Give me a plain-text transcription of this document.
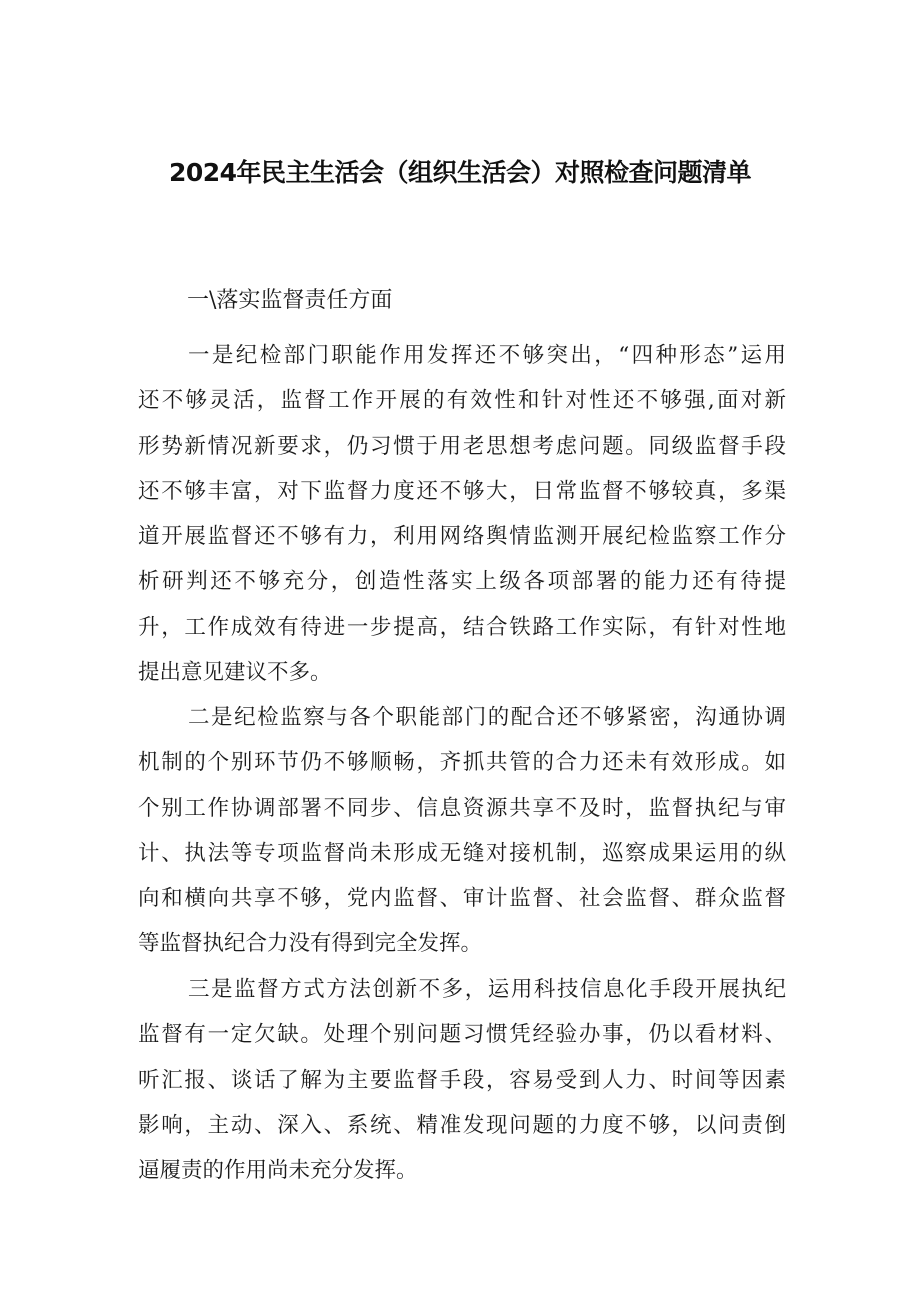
2024年民主生活会（组织生活会）对照检查问题清单

一\落实监督责任方面

一是纪检部门职能作用发挥还不够突出，“四种形态”运用
还不够灵活，监督工作开展的有效性和针对性还不够强,面对新
形势新情况新要求，仍习惯于用老思想考虑问题。同级监督手段
还不够丰富，对下监督力度还不够大，日常监督不够较真，多渠
道开展监督还不够有力，利用网络舆情监测开展纪检监察工作分
析研判还不够充分，创造性落实上级各项部署的能力还有待提
升，工作成效有待进一步提高，结合铁路工作实际，有针对性地
提出意见建议不多。
二是纪检监察与各个职能部门的配合还不够紧密，沟通协调
机制的个别环节仍不够顺畅，齐抓共管的合力还未有效形成。如
个别工作协调部署不同步、信息资源共享不及时，监督执纪与审
计、执法等专项监督尚未形成无缝对接机制，巡察成果运用的纵
向和横向共享不够，党内监督、审计监督、社会监督、群众监督
等监督执纪合力没有得到完全发挥。
三是监督方式方法创新不多，运用科技信息化手段开展执纪
监督有一定欠缺。处理个别问题习惯凭经验办事，仍以看材料、
听汇报、谈话了解为主要监督手段，容易受到人力、时间等因素
影响，主动、深入、系统、精准发现问题的力度不够，以问责倒
逼履责的作用尚未充分发挥。
